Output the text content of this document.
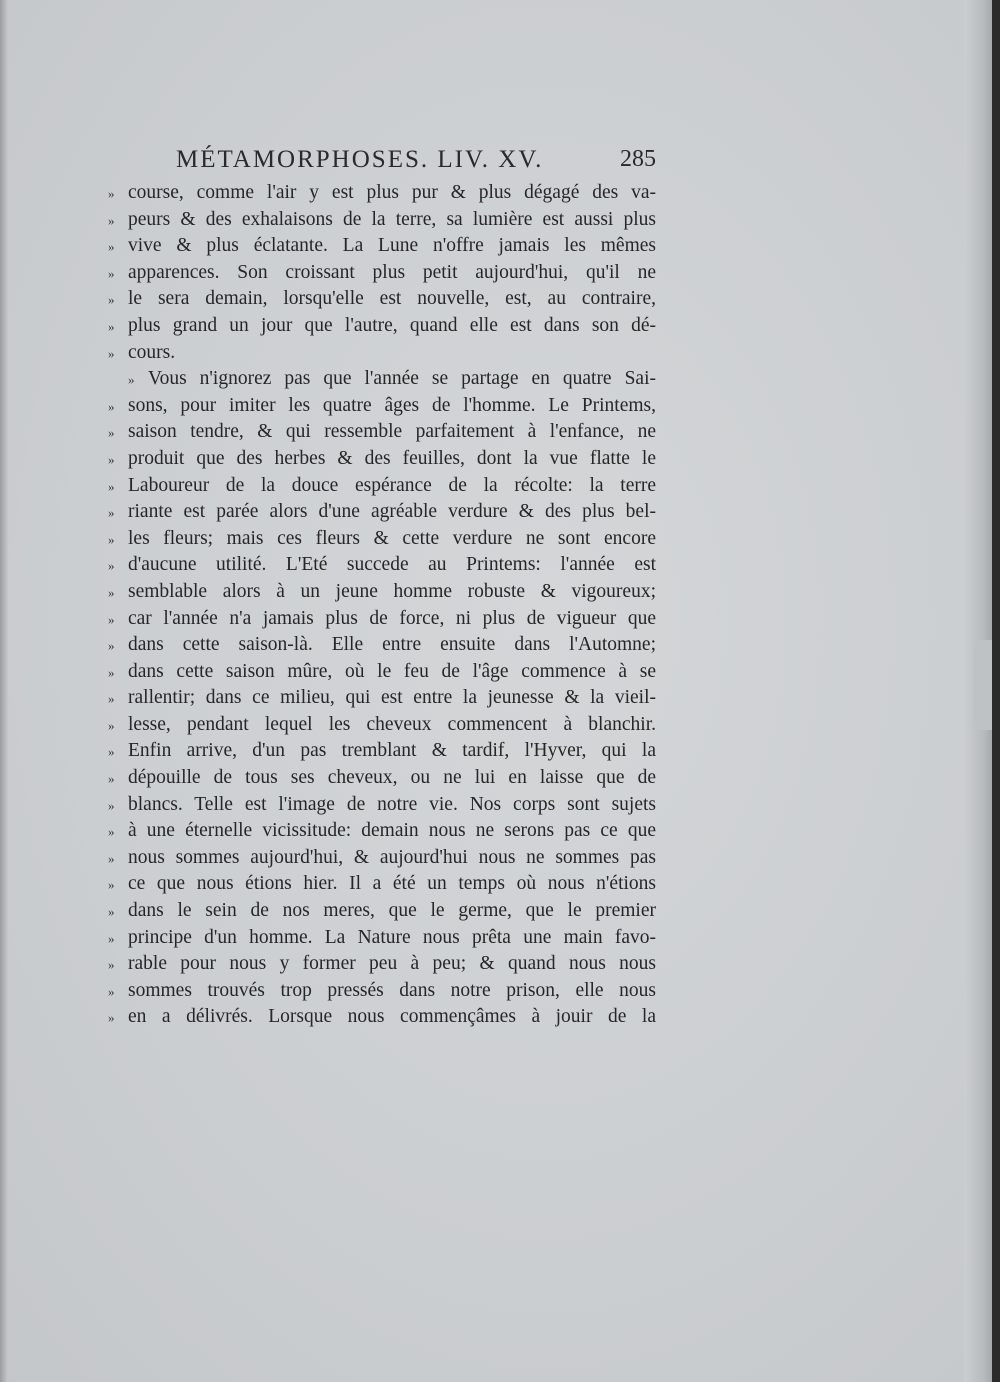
MÉTAMORPHOSES. LIV. XV.	285
» course, comme l'air y est plus pur & plus dégagé des va-
» peurs & des exhalaisons de la terre, sa lumière est aussi plus
» vive & plus éclatante. La Lune n'offre jamais les mêmes
» apparences. Son croissant plus petit aujourd'hui, qu'il ne
» le sera demain, lorsqu'elle est nouvelle, est, au contraire,
» plus grand un jour que l'autre, quand elle est dans son dé-
» cours.
» Vous n'ignorez pas que l'année se partage en quatre Sai-
» sons, pour imiter les quatre âges de l'homme. Le Printems,
» saison tendre, & qui ressemble parfaitement à l'enfance, ne
» produit que des herbes & des feuilles, dont la vue flatte le
» Laboureur de la douce espérance de la récolte: la terre
» riante est parée alors d'une agréable verdure & des plus bel-
» les fleurs; mais ces fleurs & cette verdure ne sont encore
» d'aucune utilité. L'Eté succede au Printems: l'année est
» semblable alors à un jeune homme robuste & vigoureux;
» car l'année n'a jamais plus de force, ni plus de vigueur que
» dans cette saison-là. Elle entre ensuite dans l'Automne;
» dans cette saison mûre, où le feu de l'âge commence à se
» rallentir; dans ce milieu, qui est entre la jeunesse & la vieil-
» lesse, pendant lequel les cheveux commencent à blanchir.
» Enfin arrive, d'un pas tremblant & tardif, l'Hyver, qui la
» dépouille de tous ses cheveux, ou ne lui en laisse que de
» blancs. Telle est l'image de notre vie. Nos corps sont sujets
» à une éternelle vicissitude: demain nous ne serons pas ce que
» nous sommes aujourd'hui, & aujourd'hui nous ne sommes pas
» ce que nous étions hier. Il a été un temps où nous n'étions
» dans le sein de nos meres, que le germe, que le premier
» principe d'un homme. La Nature nous prêta une main favo-
» rable pour nous y former peu à peu; & quand nous nous
» sommes trouvés trop pressés dans notre prison, elle nous
» en a délivrés. Lorsque nous commençâmes à jouir de la
